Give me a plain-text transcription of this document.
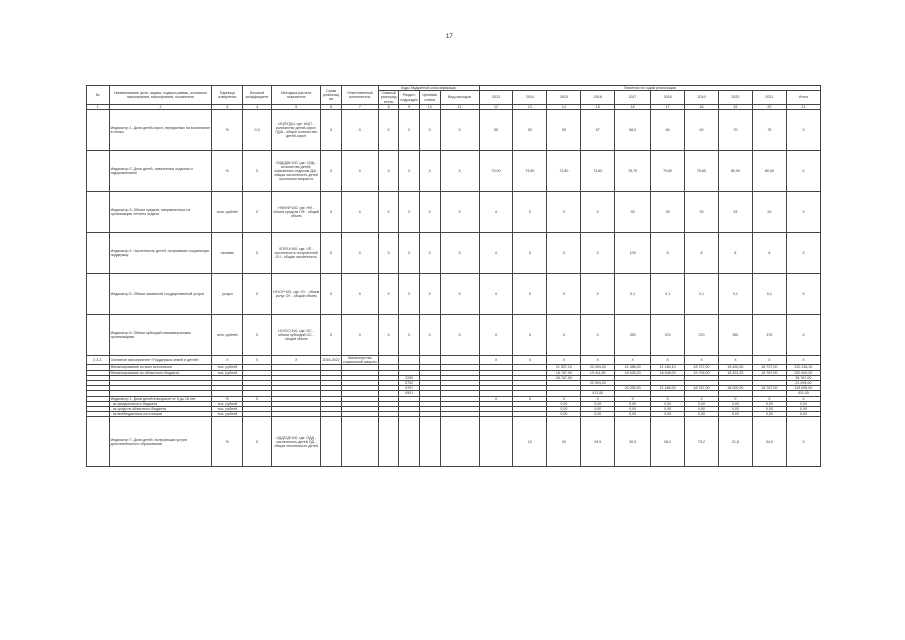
17
№	Наименование цели, задачи, подпрограммы, основного мероприятия, мероприятия, показателя	Единица измерения	Весовой коэффициент	Методика расчета показателя	Сроки реализации	Ответственный исполнитель	Коды бюджетной классификации				Значения по годам реализации									
							Главный распорядитель	Раздел, подраздел	Целевая статья	Вид расходов	2013	2014	2015	2016	2017	2018	2019	2020	2021	Итого
1	2	3	4	5	6	7	8	9	10	11	12	13	14	15	16	17	18	19	20	21
	Индикатор 1. Доля детей-сирот, переданных на воспитание в семьи	%	0,3	ИЦП/ГДШ, где: ИЦП - количество детей-сирот, ГДШ - общее количество детей-сирот	X	X	X	X	X	X	50	53	50	57	58,0	60	63	70	75	X
	Индикатор 2. Доля детей, охваченных отдыхом и оздоровлением	%	X	ОЗД/ДШ*100, где: ОЗД - количество детей, охваченных отдыхом ДШ - общая численность детей школьного возраста	X	X	X	X	X	X	73,00	73,60	73,80	73,80	76,70	79,60	79,60	80,00	80,00	X
	Индикатор 3. Объем средств, направленных на организацию летнего отдыха	млн. рублей	X	НФ/ОФ*100, где: НФ - объем средств ОФ - общий объем	X	X	X	X	X	X	X	X	X	X	93	93	93	93	93	X
	Индикатор 4. Численность детей, получивших социальную поддержку	человек	X	ЧП/ОЧ*100, где: ЧП - численность получателей ОЧ - общая численность	X	X	X	X	X	X	X	X	X	X	105	8	8	8	8	X
	Индикатор 5. Объем оказанной государственной услуги	услуга	X	НУ/ОУ*100, где: НУ - объем услуг ОУ - общий объем	X	X	X	X	X	X	X	X	X	X	0,1	0,1	0,1	0,1	0,1	X
	Индикатор 6. Объем субсидий некоммерческим организациям	млн. рублей	X	НС/ОС*100, где: НС - объем субсидий ОС - общий объем	X	X	X	X	X	X	X	X	X	X	350	370	370	350	370	X
2.3.3.	Основное мероприятие «Поддержка семей и детей»	X	X	X	2016-2022	Министерство социальной защиты					X	X	X	X	X	X	X	X	X	X
	Финансирование из всех источников	тыс. рублей											21 537,10	22 094,00	21 486,00	21 180,10	18 727,00	18 400,30	18 737,00	210 138,10
	Финансирование из областного бюджета	тыс. рублей											18 787,00	19 411,80	18 436,20	18 638,00	19 796,00	18 401,20	18 787,00	200 400,00
								2200					26 787,00							26 787,00
								0702						22 094,00						21 094,00
								0707							20 095,00	21 186,00	18 787,00	18 000,00	18 787,00	119 095,00
								0901						411,00						411,00
	Индикатор 1. Доля детей в возрасте от 5 до 18 лет	%	X								X	X	X	X	X	X	X	X	X	X
	- из федерального бюджета	тыс. рублей											0,00	0,00	0,00	0,00	0,00	0,00	0,00	0,00
	- из средств областного бюджета	тыс. рублей											0,00	0,00	0,00	0,00	0,00	0,00	0,00	0,00
	- из внебюджетных источников	тыс. рублей											0,00	0,00	0,00	0,00	0,00	0,00	0,00	0,00
	Индикатор 7. Доля детей, получающих услуги дополнительного образования	%	X	ОДД/ОД*100, где: ОДД - численность детей ОД - общая численность детей								10	26	29,5	30,5	28,0	73,2	21,8	34,0	X
